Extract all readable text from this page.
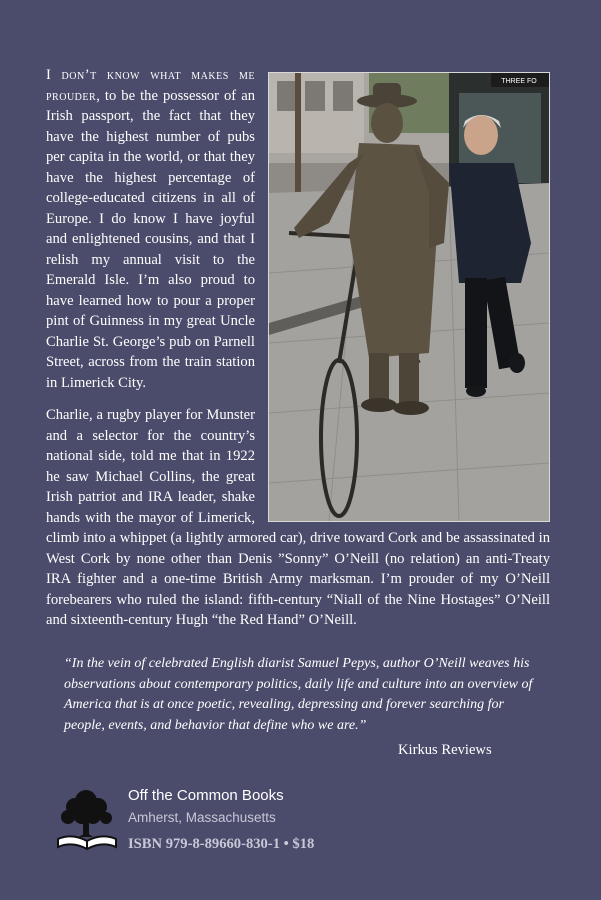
THREE FO
I don’t know what makes me prouder, to be the possessor of an Irish passport, the fact that they have the highest number of pubs per capita in the world, or that they have the highest percentage of college-educated citizens in all of Europe. I do know I have joyful and enlightened cousins, and that I relish my annual visit to the Emerald Isle. I’m also proud to have learned how to pour a proper pint of Guinness in my great Uncle Charlie St. George’s pub on Parnell Street, across from the train station in Limerick City.
Charlie, a rugby player for Munster and a selector for the country’s national side, told me that in 1922 he saw Michael Collins, the great Irish patriot and IRA leader, shake hands with the mayor of Limerick, climb into a whippet (a lightly armored car), drive toward Cork and be assassinated in West Cork by none other than Denis ”Sonny” O’Neill (no relation) an anti-Treaty IRA fighter and a one-time British Army marksman. I’m prouder of my O’Neill forebearers who ruled the island: fifth-century “Niall of the Nine Hostages” O’Neill and sixteenth-century Hugh “the Red Hand” O’Neill.
“In the vein of celebrated English diarist Samuel Pepys, author O’Neill weaves his observations about contemporary politics, daily life and culture into an overview of America that is at once poetic, revealing, depressing and forever searching for people, events, and behavior that define who we are.”
Kirkus Reviews
Off the Common Books
Amherst, Massachusetts
ISBN 979-8-89660-830-1 • $18
